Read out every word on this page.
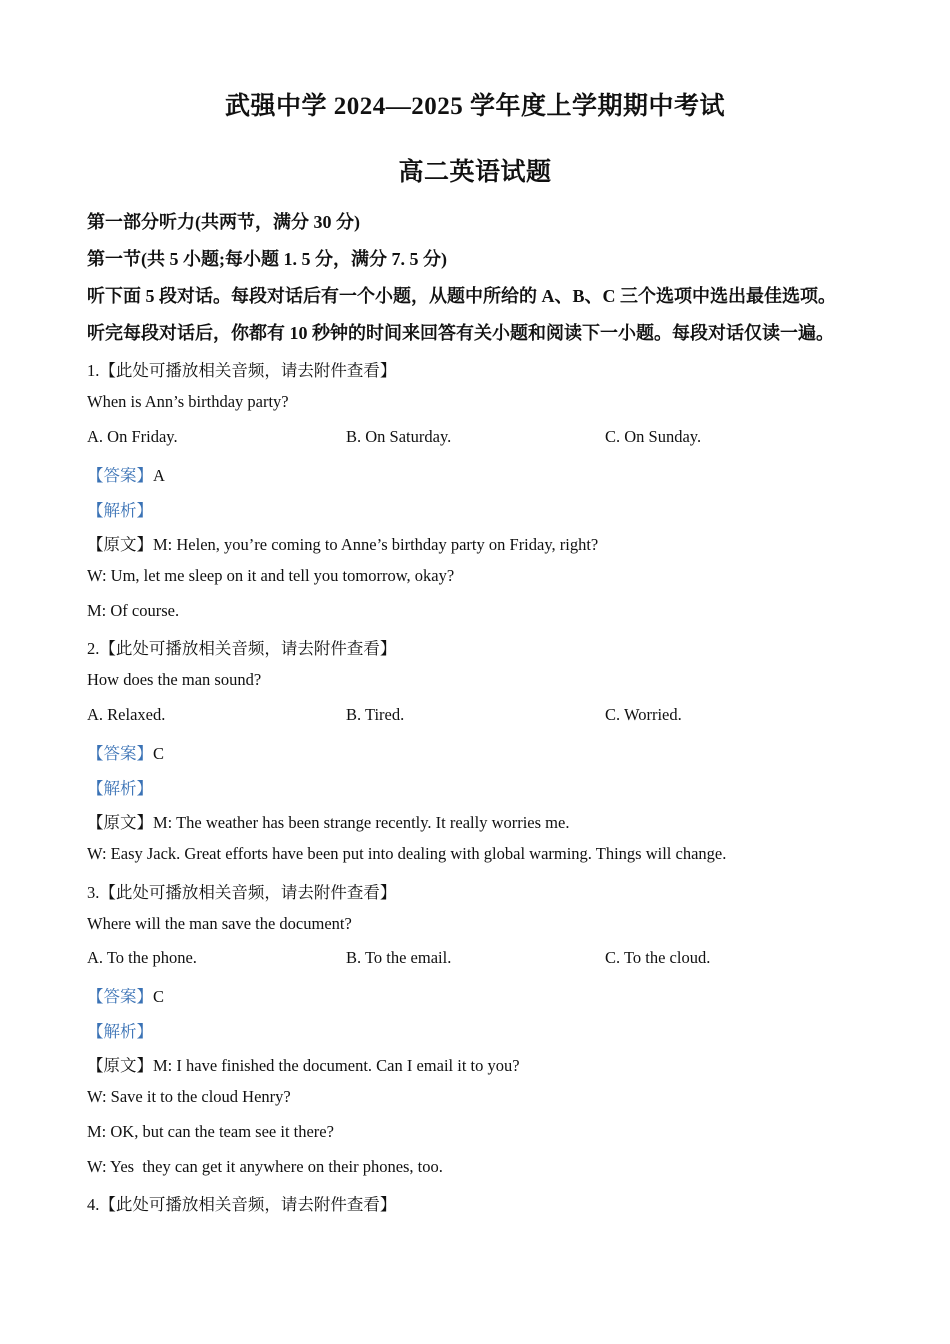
武强中学 2024—2025 学年度上学期期中考试
高二英语试题
第一部分听力(共两节，满分 30 分)
第一节(共 5 小题;每小题 1. 5 分，满分 7. 5 分)
听下面 5 段对话。每段对话后有一个小题，从题中所给的 A、B、C 三个选项中选出最佳选项。
听完每段对话后，你都有 10 秒钟的时间来回答有关小题和阅读下一小题。每段对话仅读一遍。
1.【此处可播放相关音频，请去附件查看】
When is Ann’s birthday party?
A. On Friday.	B. On Saturday.	C. On Sunday.
【答案】A
【解析】
【原文】M: Helen, you’re coming to Anne’s birthday party on Friday, right?
W: Um, let me sleep on it and tell you tomorrow, okay?
M: Of course.
2.【此处可播放相关音频，请去附件查看】
How does the man sound?
A. Relaxed.	B. Tired.	C. Worried.
【答案】C
【解析】
【原文】M: The weather has been strange recently. It really worries me.
W: Easy Jack. Great efforts have been put into dealing with global warming. Things will change.
3.【此处可播放相关音频，请去附件查看】
Where will the man save the document?
A. To the phone.	B. To the email.	C. To the cloud.
【答案】C
【解析】
【原文】M: I have finished the document. Can I email it to you?
W: Save it to the cloud Henry?
M: OK, but can the team see it there?
W: Yes  they can get it anywhere on their phones, too.
4.【此处可播放相关音频，请去附件查看】
